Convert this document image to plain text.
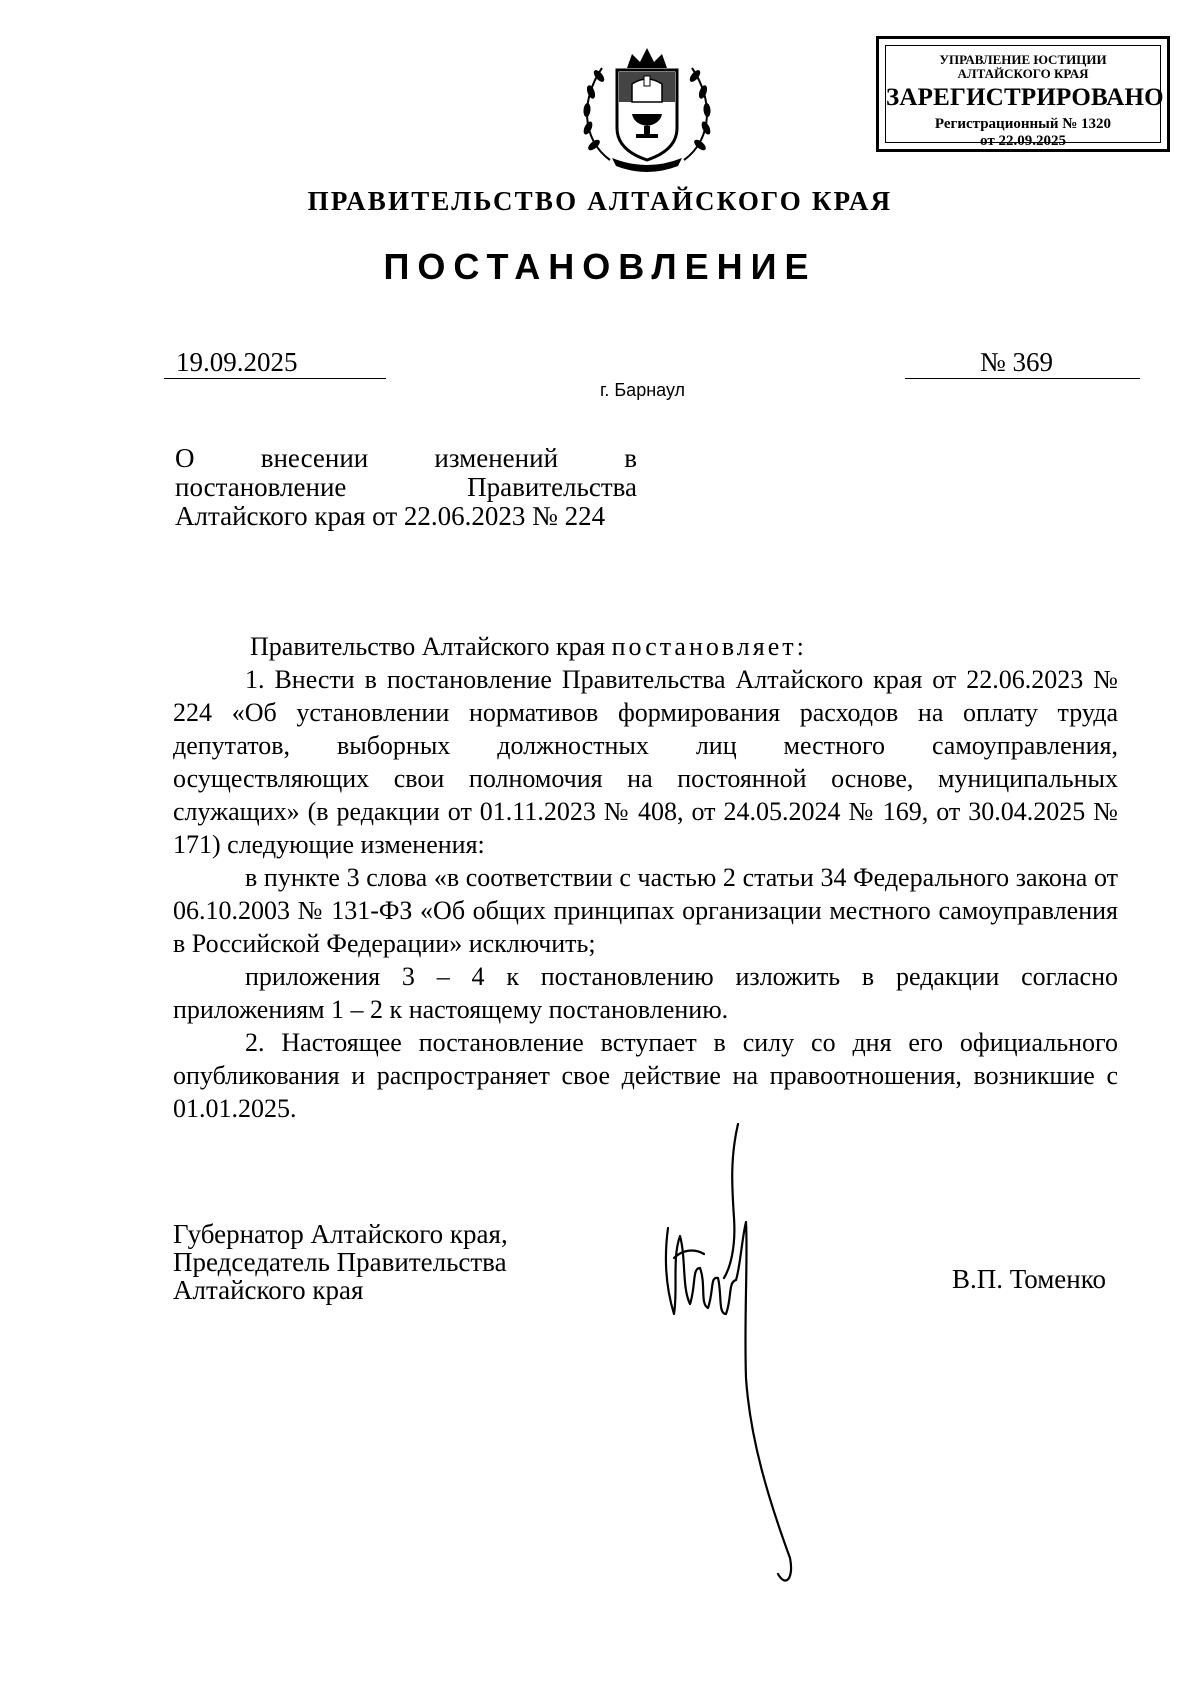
УПРАВЛЕНИЕ ЮСТИЦИИ
АЛТАЙСКОГО КРАЯ
ЗАРЕГИСТРИРОВАНО
Регистрационный № 1320
от 22.09.2025
ПРАВИТЕЛЬСТВО АЛТАЙСКОГО КРАЯ
ПОСТАНОВЛЕНИЕ
19.09.2025	№ 369
г. Барнаул
О внесении изменений в
постановление Правительства
Алтайского края от 22.06.2023 № 224

Правительство Алтайского края постановляет:

1. Внести в постановление Правительства Алтайского края от 22.06.2023 № 224 «Об установлении нормативов формирования расходов на оплату труда депутатов, выборных должностных лиц местного самоуправления, осуществляющих свои полномочия на постоянной основе, муниципальных служащих» (в редакции от 01.11.2023 № 408, от 24.05.2024 № 169, от 30.04.2025 № 171) следующие изменения:

в пункте 3 слова «в соответствии с частью 2 статьи 34 Федерального закона от 06.10.2003 № 131-ФЗ «Об общих принципах организации местного самоуправления в Российской Федерации» исключить;

приложения 3 – 4 к постановлению изложить в редакции согласно приложениям 1 – 2 к настоящему постановлению.

2. Настоящее постановление вступает в силу со дня его официального опубликования и распространяет свое действие на правоотношения, возникшие с 01.01.2025.

Губернатор Алтайского края,
Председатель Правительства
Алтайского края	В.П. Томенко
